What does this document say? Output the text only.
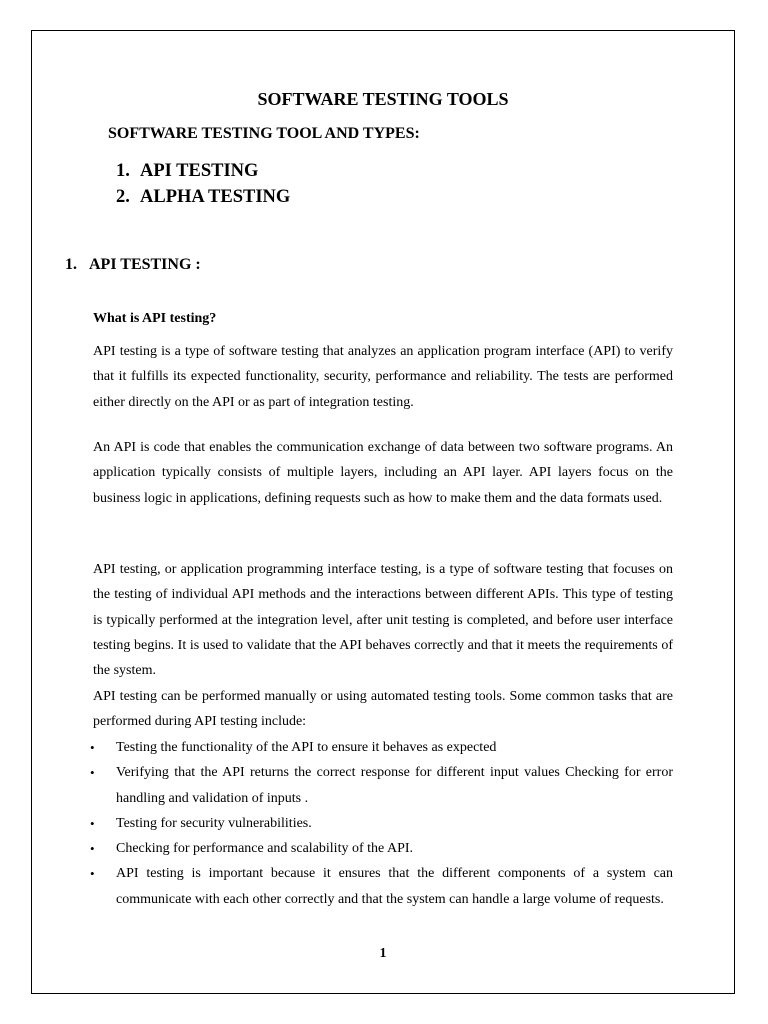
SOFTWARE TESTING TOOLS
SOFTWARE TESTING TOOL AND TYPES:
1. API TESTING
2. ALPHA TESTING
1. API TESTING :
What is API testing?

API testing is a type of software testing that analyzes an application program interface (API) to verify that it fulfills its expected functionality, security, performance and reliability. The tests are performed either directly on the API or as part of integration testing.

An API is code that enables the communication exchange of data between two software programs. An application typically consists of multiple layers, including an API layer. API layers focus on the business logic in applications, defining requests such as how to make them and the data formats used.

API testing, or application programming interface testing, is a type of software testing that focuses on the testing of individual API methods and the interactions between different APIs. This type of testing is typically performed at the integration level, after unit testing is completed, and before user interface testing begins. It is used to validate that the API behaves correctly and that it meets the requirements of the system.

API testing can be performed manually or using automated testing tools. Some common tasks that are performed during API testing include:

• Testing the functionality of the API to ensure it behaves as expected
• Verifying that the API returns the correct response for different input values Checking for error handling and validation of inputs .
• Testing for security vulnerabilities.
• Checking for performance and scalability of the API.
• API testing is important because it ensures that the different components of a system can communicate with each other correctly and that the system can handle a large volume of requests.

1
